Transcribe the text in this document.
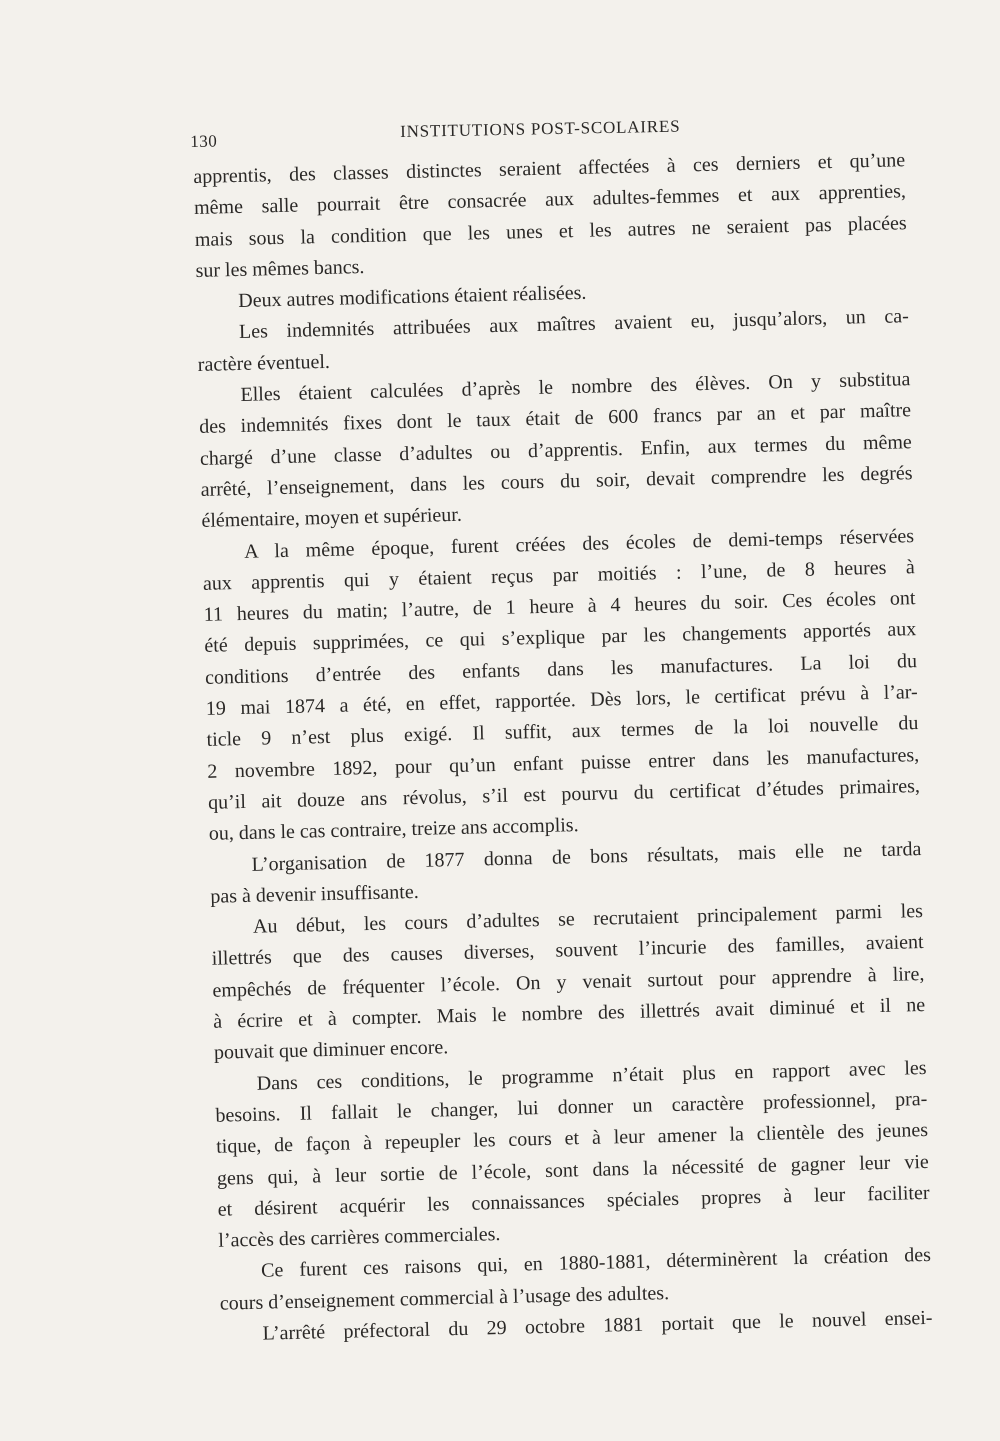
130
INSTITUTIONS POST-SCOLAIRES
apprentis, des classes distinctes seraient affectées à ces derniers et qu’une
même salle pourrait être consacrée aux adultes-femmes et aux apprenties,
mais sous la condition que les unes et les autres ne seraient pas placées
sur les mêmes bancs.
Deux autres modifications étaient réalisées.
Les indemnités attribuées aux maîtres avaient eu, jusqu’alors, un ca-
ractère éventuel.
Elles étaient calculées d’après le nombre des élèves. On y substitua
des indemnités fixes dont le taux était de 600 francs par an et par maître
chargé d’une classe d’adultes ou d’apprentis. Enfin, aux termes du même
arrêté, l’enseignement, dans les cours du soir, devait comprendre les degrés
élémentaire, moyen et supérieur.
A la même époque, furent créées des écoles de demi-temps réservées
aux apprentis qui y étaient reçus par moitiés : l’une, de 8 heures à
11 heures du matin; l’autre, de 1 heure à 4 heures du soir. Ces écoles ont
été depuis supprimées, ce qui s’explique par les changements apportés aux
conditions d’entrée des enfants dans les manufactures. La loi du
19 mai 1874 a été, en effet, rapportée. Dès lors, le certificat prévu à l’ar-
ticle 9 n’est plus exigé. Il suffit, aux termes de la loi nouvelle du
2 novembre 1892, pour qu’un enfant puisse entrer dans les manufactures,
qu’il ait douze ans révolus, s’il est pourvu du certificat d’études primaires,
ou, dans le cas contraire, treize ans accomplis.
L’organisation de 1877 donna de bons résultats, mais elle ne tarda
pas à devenir insuffisante.
Au début, les cours d’adultes se recrutaient principalement parmi les
illettrés que des causes diverses, souvent l’incurie des familles, avaient
empêchés de fréquenter l’école. On y venait surtout pour apprendre à lire,
à écrire et à compter. Mais le nombre des illettrés avait diminué et il ne
pouvait que diminuer encore.
Dans ces conditions, le programme n’était plus en rapport avec les
besoins. Il fallait le changer, lui donner un caractère professionnel, pra-
tique, de façon à repeupler les cours et à leur amener la clientèle des jeunes
gens qui, à leur sortie de l’école, sont dans la nécessité de gagner leur vie
et désirent acquérir les connaissances spéciales propres à leur faciliter
l’accès des carrières commerciales.
Ce furent ces raisons qui, en 1880-1881, déterminèrent la création des
cours d’enseignement commercial à l’usage des adultes.
L’arrêté préfectoral du 29 octobre 1881 portait que le nouvel ensei-
